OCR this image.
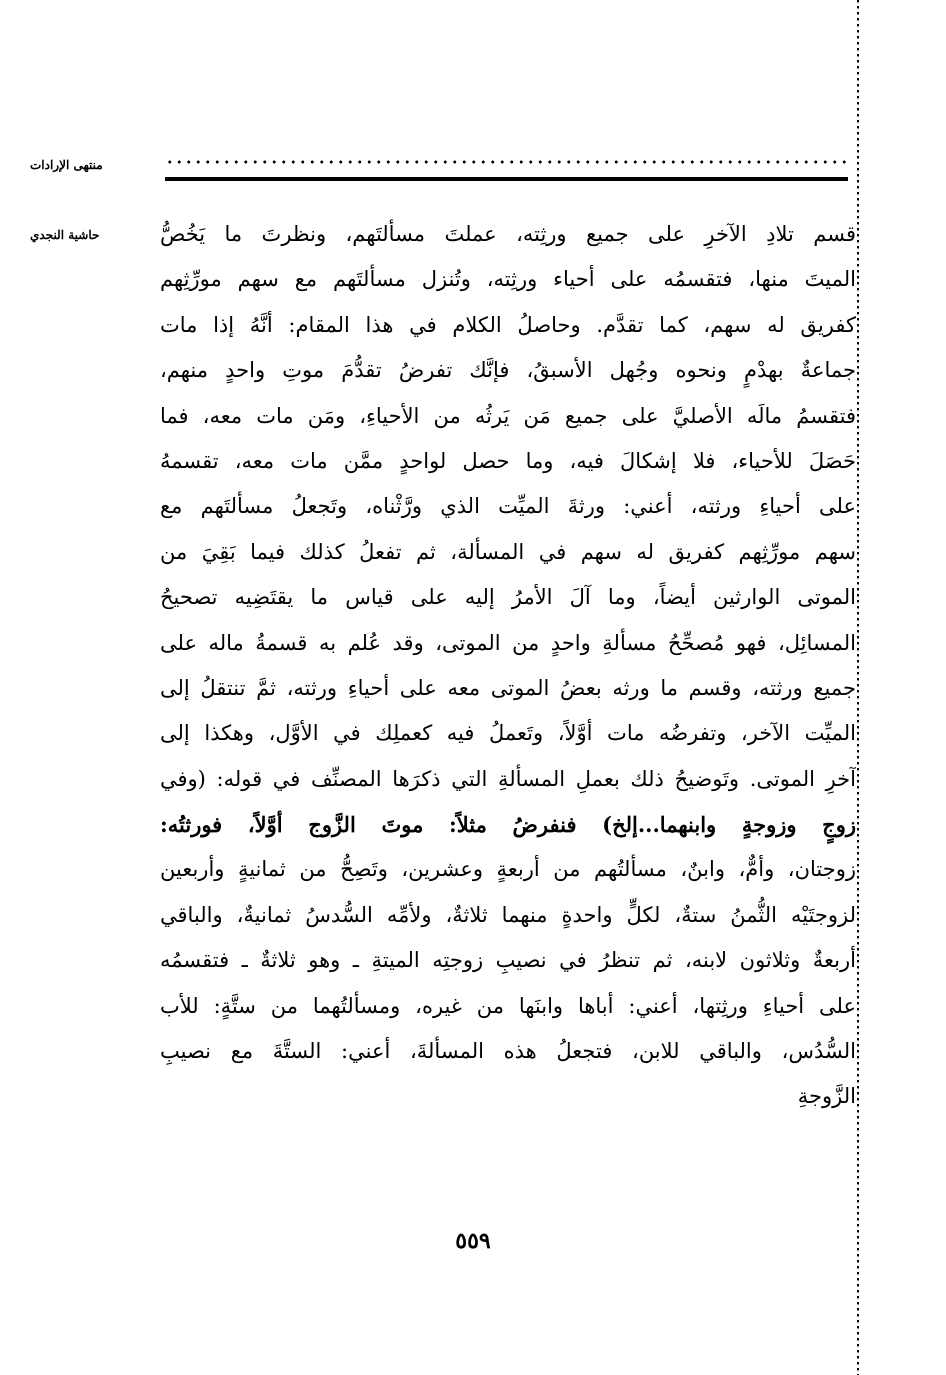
منتهى الإرادات
حاشية النجدي	قسم تلادِ الآخرِ على جميع ورثِته، عملتَ مسألتَهم، ونظرتَ ما يَخُصُّ
الميتَ منها، فتقسمُه على أحياء ورثِته، وتُنزل مسألتَهم مع سهم مورِّثِهم
كفريق له سهم، كما تقدَّم. وحاصلُ الكلام في هذا المقام: أنَّهُ إذا مات
جماعةٌ بهدْمٍ ونحوه وجُهل الأسبقُ، فإنَّك تفرضُ تقدُّمَ موتِ واحدٍ منهم،
فتقسمُ مالَه الأصليَّ على جميع مَن يَرثُه من الأحياءِ، ومَن مات معه، فما
حَصَلَ للأحياء، فلا إشكالَ فيه، وما حصل لواحدٍ ممَّن مات معه، تقسمهُ
على أحياءِ ورثته، أعني: ورثةَ الميِّت الذي ورَّثْناه، وتَجعلُ مسألتَهم مع
سهم مورِّثِهم كفريق له سهم في المسألة، ثم تفعلُ كذلك فيما بَقِيَ من
الموتى الوارثين أيضاً، وما آلَ الأمرُ إليه على قياس ما يقتَضِيه تصحيحُ
المسائِل، فهو مُصحِّحُ مسألةِ واحدٍ من الموتى، وقد عُلم به قسمةُ ماله على
جميع ورثته، وقسم ما ورثه بعضُ الموتى معه على أحياءِ ورثته، ثمَّ تنتقلُ إلى
الميِّت الآخر، وتفرضُه مات أوَّلاً، وتَعملُ فيه كعملِك في الأوَّل، وهكذا إلى
آخرِ الموتى. وتَوضيحُ ذلك بعملِ المسألةِ التي ذكرَها المصنِّف في قوله: (وفي
زوجٍ وزوجةٍ وابنهما...إلخ) فنفرضُ مثلاً: موتَ الزَّوج أوَّلاً، فورثتُه:
زوجتان، وأمٌّ، وابنٌ، مسألتُهم من أربعةٍ وعشرين، وتَصِحُّ من ثمانيةٍ وأربعين
لزوجتَيْه الثُّمنُ ستةٌ، لكلٍّ واحدةٍ منهما ثلاثةٌ، ولأمِّه السُّدسُ ثمانيةٌ، والباقي
أربعةٌ وثلاثون لابنه، ثم تنظرُ في نصيبِ زوجتِه الميتةِ ـ وهو ثلاثةٌ ـ فتقسمُه
على أحياءِ ورثِتها، أعني: أباها وابنَها من غيره، ومسألتُهما من ستَّةٍ: للأب
السُّدُس، والباقي للابن، فتجعلُ هذه المسألةَ، أعني: الستَّةَ مع نصيبِ
الزَّوجةِ
٥٥٩
